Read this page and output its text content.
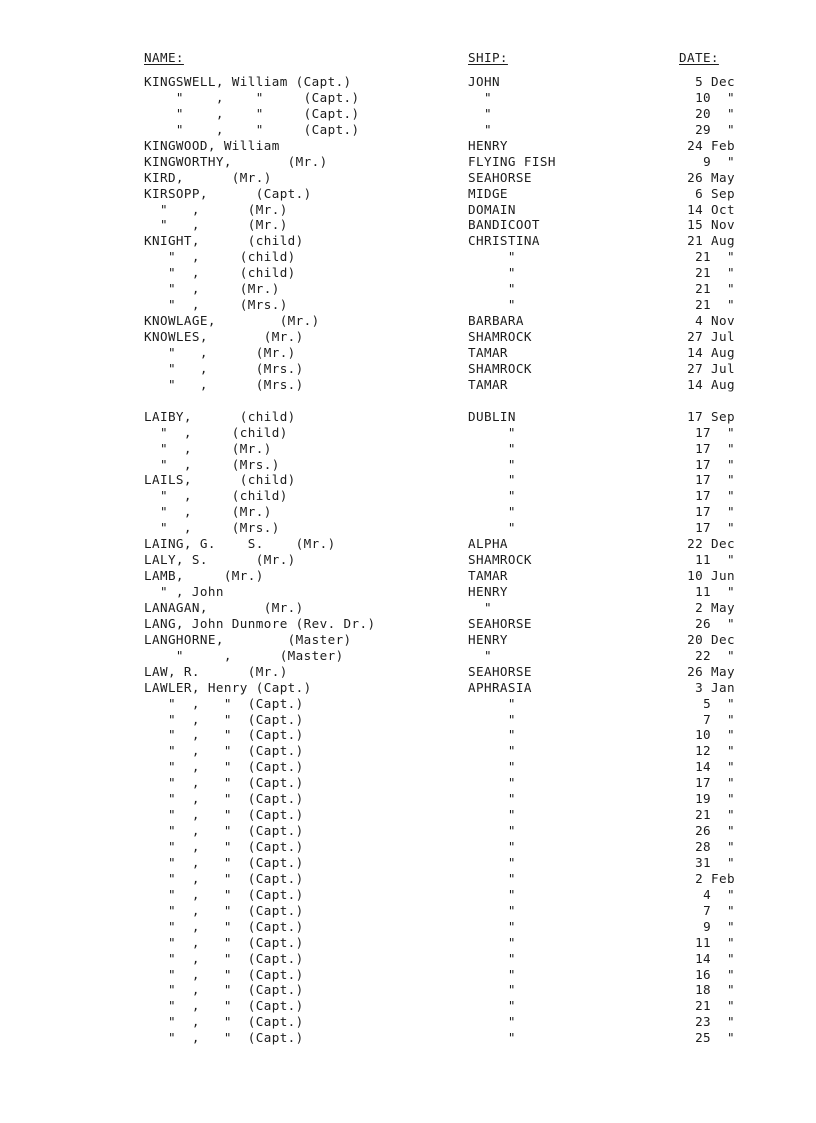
NAME:	SHIP:	DATE:
KINGSWELL, William (Capt.)	JOHN	5 Dec
"    ,    "     (Capt.)	"	10  "
"    ,    "     (Capt.)	"	20  "
"    ,    "     (Capt.)	"	29  "
KINGWOOD, William	HENRY	24 Feb
KINGWORTHY,       (Mr.)	FLYING FISH	9  "
KIRD,      (Mr.)	SEAHORSE	26 May
KIRSOPP,      (Capt.)	MIDGE	6 Sep
"   ,      (Mr.)	DOMAIN	14 Oct
"   ,      (Mr.)	BANDICOOT	15 Nov
KNIGHT,      (child)	CHRISTINA	21 Aug
"  ,     (child)	"	21  "
"  ,     (child)	"	21  "
"  ,     (Mr.)	"	21  "
"  ,     (Mrs.)	"	21  "
KNOWLAGE,        (Mr.)	BARBARA	4 Nov
KNOWLES,       (Mr.)	SHAMROCK	27 Jul
"   ,      (Mr.)	TAMAR	14 Aug
"   ,      (Mrs.)	SHAMROCK	27 Jul
"   ,      (Mrs.)	TAMAR	14 Aug
LAIBY,      (child)	DUBLIN	17 Sep
"  ,     (child)	"	17  "
"  ,     (Mr.)	"	17  "
"  ,     (Mrs.)	"	17  "
LAILS,      (child)	"	17  "
"  ,     (child)	"	17  "
"  ,     (Mr.)	"	17  "
"  ,     (Mrs.)	"	17  "
LAING, G.    S.    (Mr.)	ALPHA	22 Dec
LALY, S.      (Mr.)	SHAMROCK	11  "
LAMB,     (Mr.)	TAMAR	10 Jun
" , John	HENRY	11  "
LANAGAN,       (Mr.)	"	2 May
LANG, John Dunmore (Rev. Dr.)	SEAHORSE	26  "
LANGHORNE,        (Master)	HENRY	20 Dec
"     ,      (Master)	"	22  "
LAW, R.      (Mr.)	SEAHORSE	26 May
LAWLER, Henry (Capt.)	APHRASIA	3 Jan
"  ,   "  (Capt.)	"	5  "
"  ,   "  (Capt.)	"	7  "
"  ,   "  (Capt.)	"	10  "
"  ,   "  (Capt.)	"	12  "
"  ,   "  (Capt.)	"	14  "
"  ,   "  (Capt.)	"	17  "
"  ,   "  (Capt.)	"	19  "
"  ,   "  (Capt.)	"	21  "
"  ,   "  (Capt.)	"	26  "
"  ,   "  (Capt.)	"	28  "
"  ,   "  (Capt.)	"	31  "
"  ,   "  (Capt.)	"	2 Feb
"  ,   "  (Capt.)	"	4  "
"  ,   "  (Capt.)	"	7  "
"  ,   "  (Capt.)	"	9  "
"  ,   "  (Capt.)	"	11  "
"  ,   "  (Capt.)	"	14  "
"  ,   "  (Capt.)	"	16  "
"  ,   "  (Capt.)	"	18  "
"  ,   "  (Capt.)	"	21  "
"  ,   "  (Capt.)	"	23  "
"  ,   "  (Capt.)	"	25  "
